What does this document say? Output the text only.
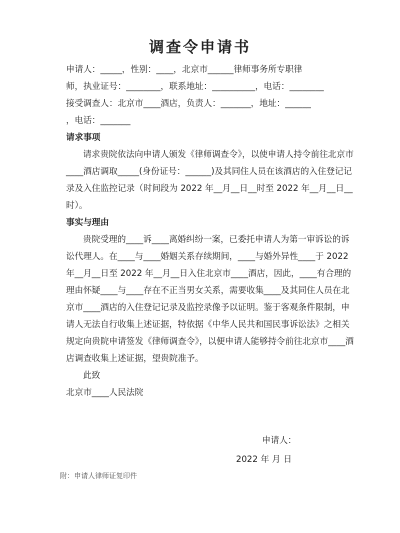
调查令申请书

申请人：_____，性别：____，北京市______律师事务所专职律

师，执业证号：________，联系地址：__________，电话：________

接受调查人：北京市____酒店，负责人：_______，地址：______

，电话：_______

请求事项

请求贵院依法向申请人颁发《律师调查令》，以使申请人持令前往北京市____酒店调取_____(身份证号：______)及其同住人员在该酒店的入住登记记录及入住监控记录（时间段为 2022 年__月__日__时至 2022 年__月__日__时）。

事实与理由

贵院受理的____诉____离婚纠纷一案，已委托申请人为第一审诉讼的诉讼代理人。在____与____婚姻关系存续期间，____与婚外异性____于 2022 年__月__日至 2022 年__月__日入住北京市____酒店，因此，____有合理的理由怀疑____与____存在不正当男女关系，需要收集____及其同住人员在北京市____酒店的入住登记记录及监控录像予以证明。鉴于客观条件限制，申请人无法自行收集上述证据，特依据《中华人民共和国民事诉讼法》之相关规定向贵院申请签发《律师调查令》，以便申请人能够持令前往北京市____酒店调查收集上述证据，望贵院准予。

此致

北京市____人民法院

申请人：
2022 年 月 日
附：申请人律师证复印件
